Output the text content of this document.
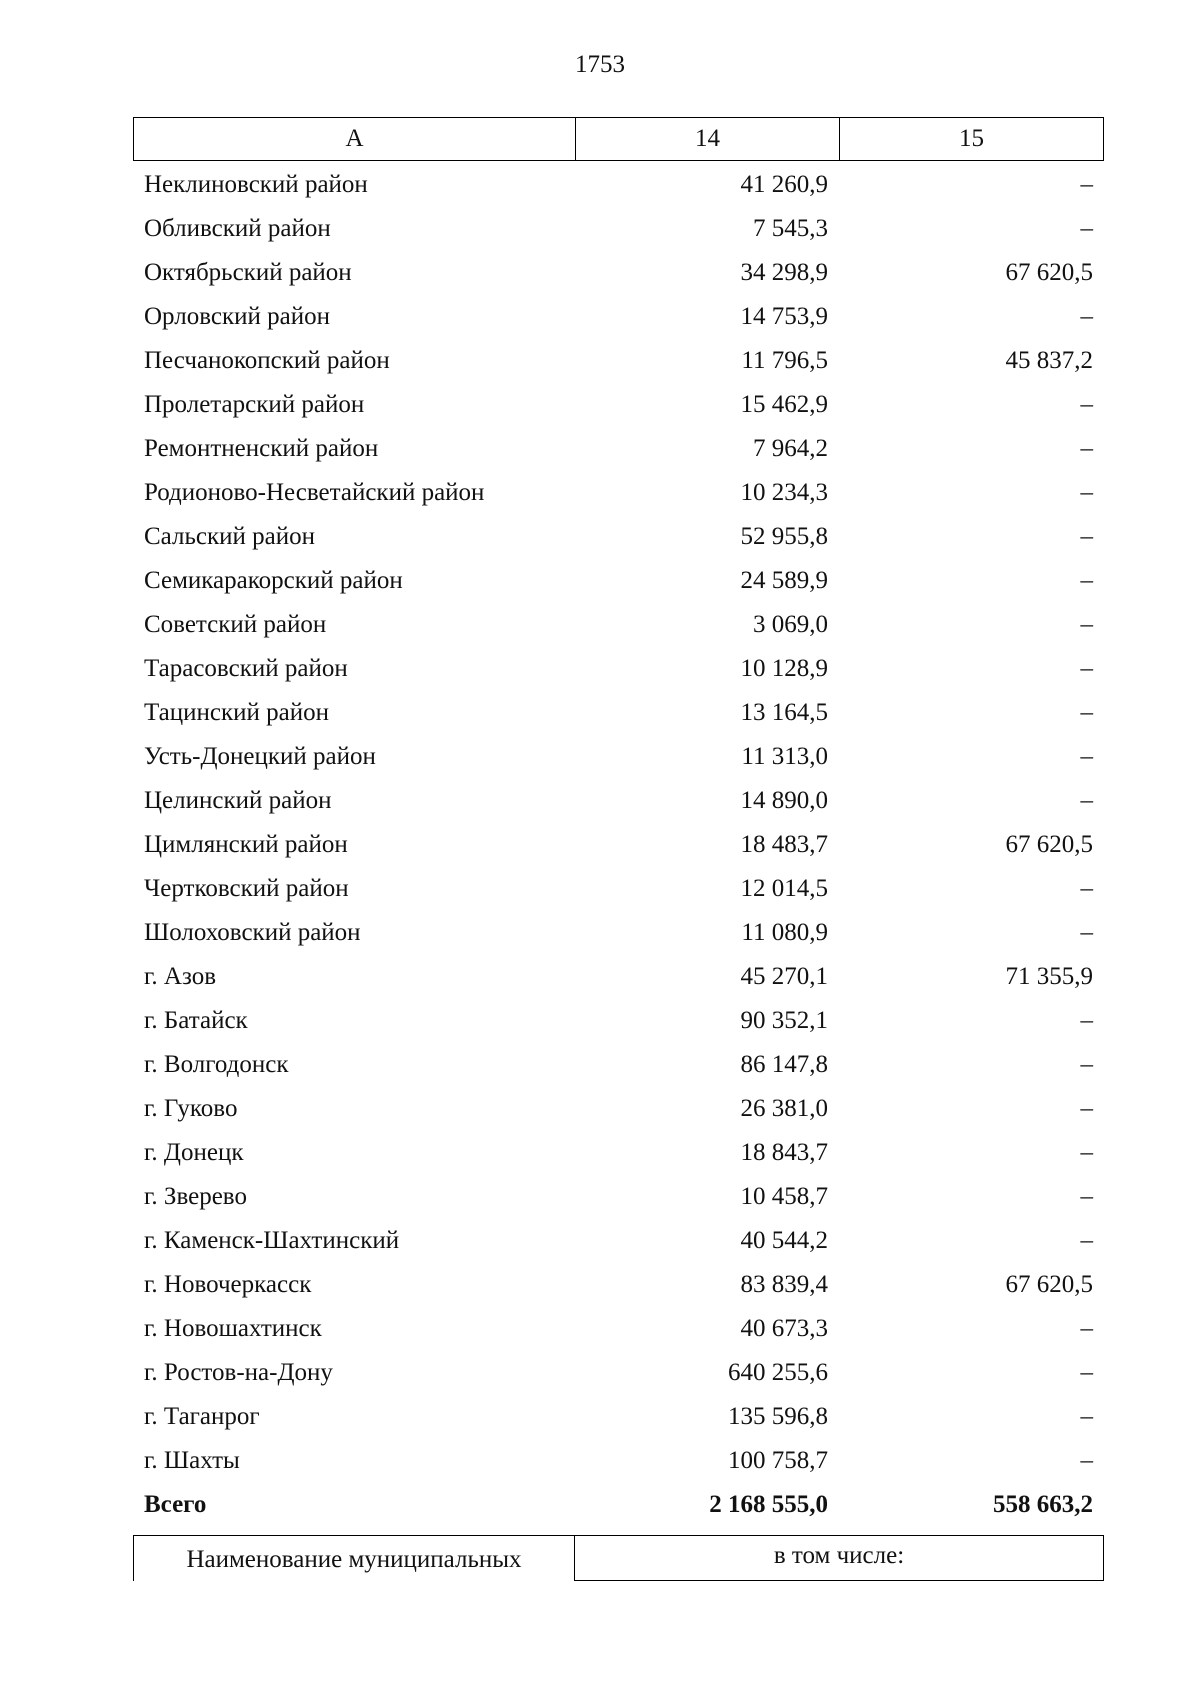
1753
А	14	15
Неклиновский район	41 260,9	–
Обливский район	7 545,3	–
Октябрьский район	34 298,9	67 620,5
Орловский район	14 753,9	–
Песчанокопский район	11 796,5	45 837,2
Пролетарский район	15 462,9	–
Ремонтненский район	7 964,2	–
Родионово-Несветайский район	10 234,3	–
Сальский район	52 955,8	–
Семикаракорский район	24 589,9	–
Советский район	3 069,0	–
Тарасовский район	10 128,9	–
Тацинский район	13 164,5	–
Усть-Донецкий район	11 313,0	–
Целинский район	14 890,0	–
Цимлянский район	18 483,7	67 620,5
Чертковский район	12 014,5	–
Шолоховский район	11 080,9	–
г. Азов	45 270,1	71 355,9
г. Батайск	90 352,1	–
г. Волгодонск	86 147,8	–
г. Гуково	26 381,0	–
г. Донецк	18 843,7	–
г. Зверево	10 458,7	–
г. Каменск-Шахтинский	40 544,2	–
г. Новочеркасск	83 839,4	67 620,5
г. Новошахтинск	40 673,3	–
г. Ростов-на-Дону	640 255,6	–
г. Таганрог	135 596,8	–
г. Шахты	100 758,7	–
Всего	2 168 555,0	558 663,2
Наименование муниципальных	в том числе:
